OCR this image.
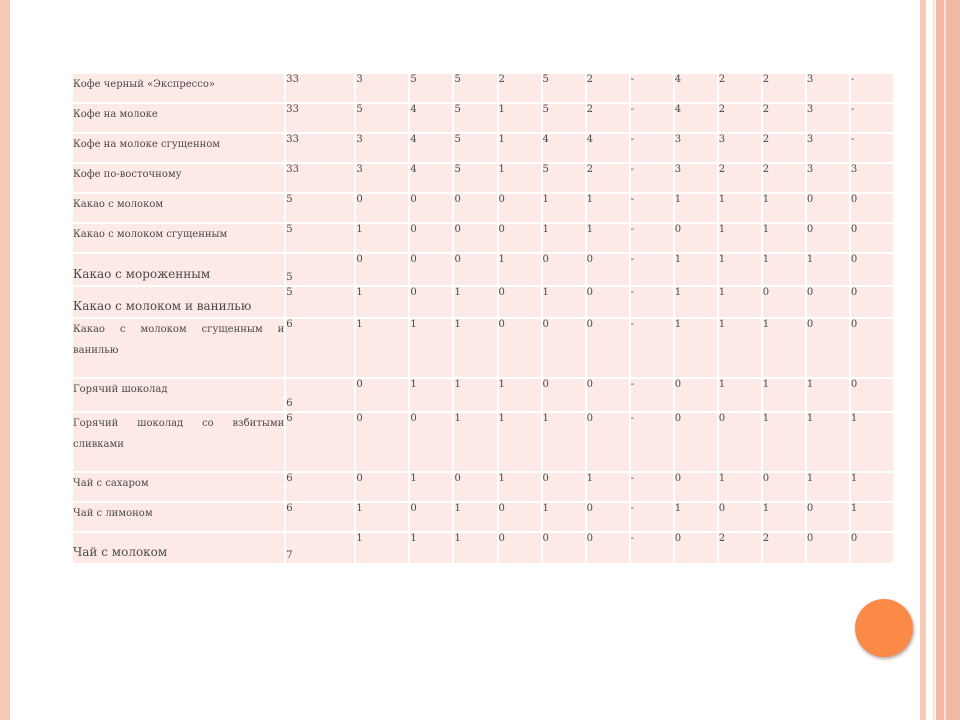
Кофе черный «Экспрессо»	33	3	5	5	2	5	2	-	4	2	2	3	-
Кофе на молоке	33	5	4	5	1	5	2	-	4	2	2	3	-
Кофе на молоке сгущенном	33	3	4	5	1	4	4	-	3	3	2	3	-
Кофе по-восточному	33	3	4	5	1	5	2	-	3	2	2	3	3
Какао с молоком	5	0	0	0	0	1	1	-	1	1	1	0	0
Какао с молоком сгущенным	5	1	0	0	0	1	1	-	0	1	1	0	0
Какао с мороженным	5	0	0	0	1	0	0	-	1	1	1	1	0
Какао с молоком и ванилью	5	1	0	1	0	1	0	-	1	1	0	0	0
Какао с молоком сгущенным и ванилью	6	1	1	1	0	0	0	-	1	1	1	0	0
Горячий шоколад	6	0	1	1	1	0	0	-	0	1	1	1	0
Горячий шоколад со взбитыми сливками	6	0	0	1	1	1	0	-	0	0	1	1	1
Чай с сахаром	6	0	1	0	1	0	1	-	0	1	0	1	1
Чай с лимоном	6	1	0	1	0	1	0	-	1	0	1	0	1
Чай с молоком	7	1	1	1	0	0	0	-	0	2	2	0	0
